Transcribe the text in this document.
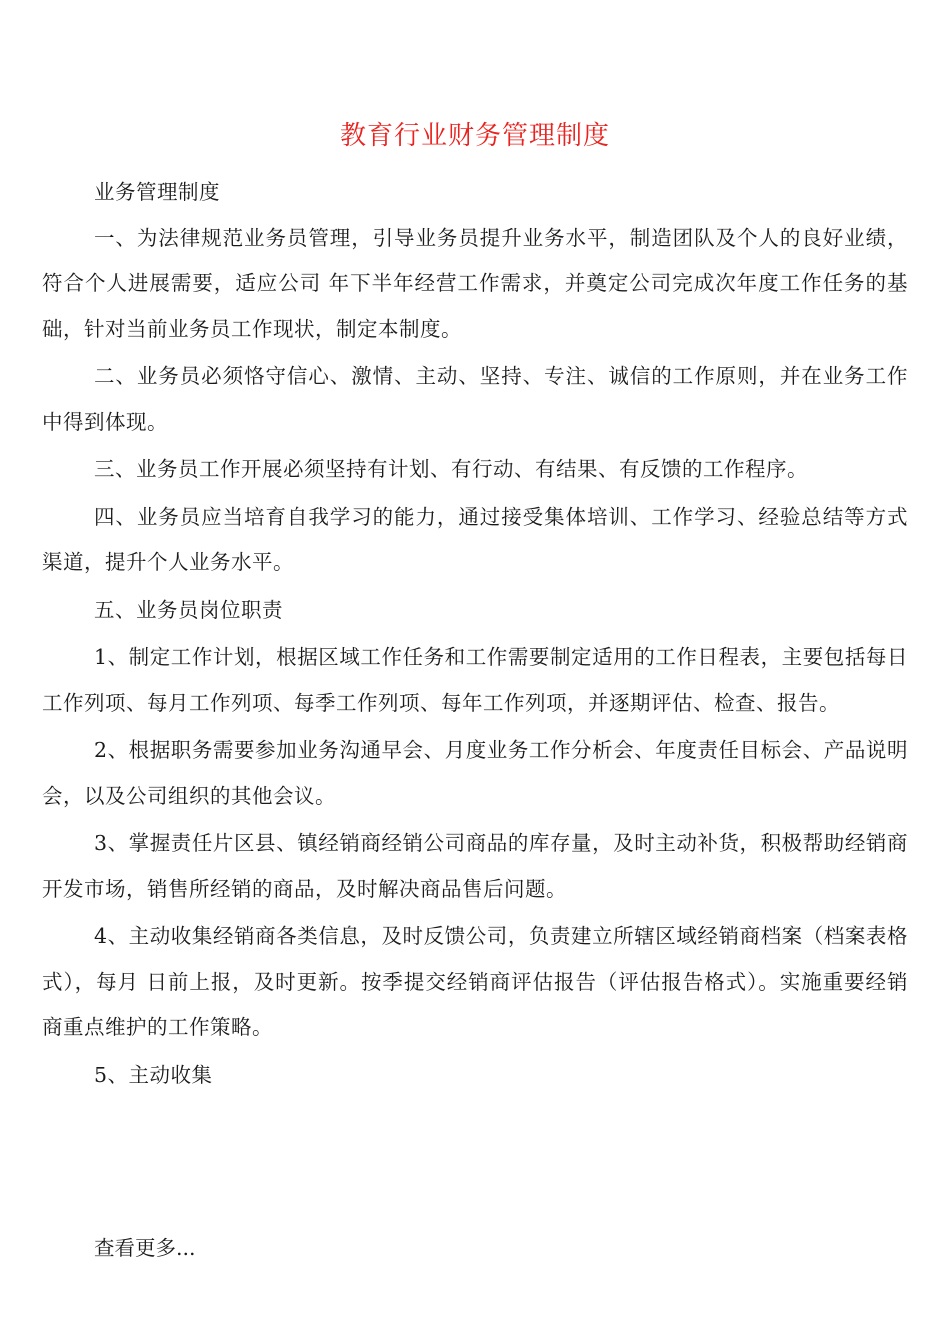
教育行业财务管理制度

业务管理制度

一、为法律规范业务员管理，引导业务员提升业务水平，制造团队及个人的良好业绩，符合个人进展需要，适应公司 年下半年经营工作需求，并奠定公司完成次年度工作任务的基础，针对当前业务员工作现状，制定本制度。

二、业务员必须恪守信心、激情、主动、坚持、专注、诚信的工作原则，并在业务工作中得到体现。

三、业务员工作开展必须坚持有计划、有行动、有结果、有反馈的工作程序。

四、业务员应当培育自我学习的能力，通过接受集体培训、工作学习、经验总结等方式渠道，提升个人业务水平。

五、业务员岗位职责

1、制定工作计划，根据区域工作任务和工作需要制定适用的工作日程表，主要包括每日工作列项、每月工作列项、每季工作列项、每年工作列项，并逐期评估、检查、报告。

2、根据职务需要参加业务沟通早会、月度业务工作分析会、年度责任目标会、产品说明会，以及公司组织的其他会议。

3、掌握责任片区县、镇经销商经销公司商品的库存量，及时主动补货，积极帮助经销商开发市场，销售所经销的商品，及时解决商品售后问题。

4、主动收集经销商各类信息，及时反馈公司，负责建立所辖区域经销商档案（档案表格式），每月 日前上报，及时更新。按季提交经销商评估报告（评估报告格式）。实施重要经销商重点维护的工作策略。

5、主动收集

查看更多...
